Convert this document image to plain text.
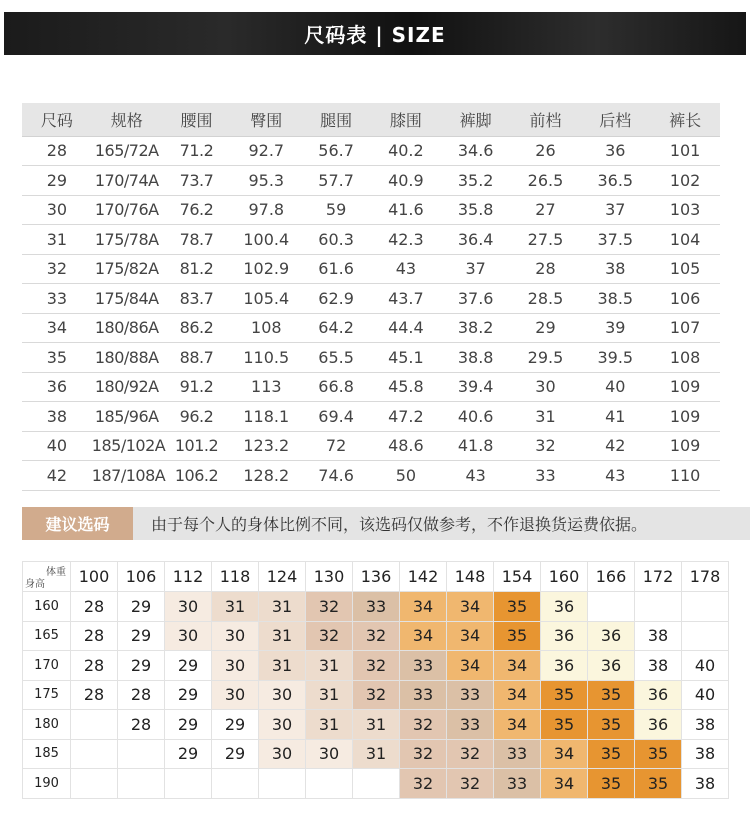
尺码表 | SIZE
尺码	规格	腰围	臀围	腿围	膝围	裤脚	前档	后档	裤长
28	165/72A	71.2	92.7	56.7	40.2	34.6	26	36	101
29	170/74A	73.7	95.3	57.7	40.9	35.2	26.5	36.5	102
30	170/76A	76.2	97.8	59	41.6	35.8	27	37	103
31	175/78A	78.7	100.4	60.3	42.3	36.4	27.5	37.5	104
32	175/82A	81.2	102.9	61.6	43	37	28	38	105
33	175/84A	83.7	105.4	62.9	43.7	37.6	28.5	38.5	106
34	180/86A	86.2	108	64.2	44.4	38.2	29	39	107
35	180/88A	88.7	110.5	65.5	45.1	38.8	29.5	39.5	108
36	180/92A	91.2	113	66.8	45.8	39.4	30	40	109
38	185/96A	96.2	118.1	69.4	47.2	40.6	31	41	109
40	185/102A	101.2	123.2	72	48.6	41.8	32	42	109
42	187/108A	106.2	128.2	74.6	50	43	33	43	110
建议选码	由于每个人的身体比例不同，该选码仅做参考，不作退换货运费依据。
体重
身高	100	106	112	118	124	130	136	142	148	154	160	166	172	178
160	28	29	30	31	31	32	33	34	34	35	36			
165	28	29	30	30	31	32	32	34	34	35	36	36	38	
170	28	29	29	30	31	31	32	33	34	34	36	36	38	40
175	28	28	29	30	30	31	32	33	33	34	35	35	36	40
180		28	29	29	30	31	31	32	33	34	35	35	36	38
185			29	29	30	30	31	32	32	33	34	35	35	38
190								32	32	33	34	35	35	38
